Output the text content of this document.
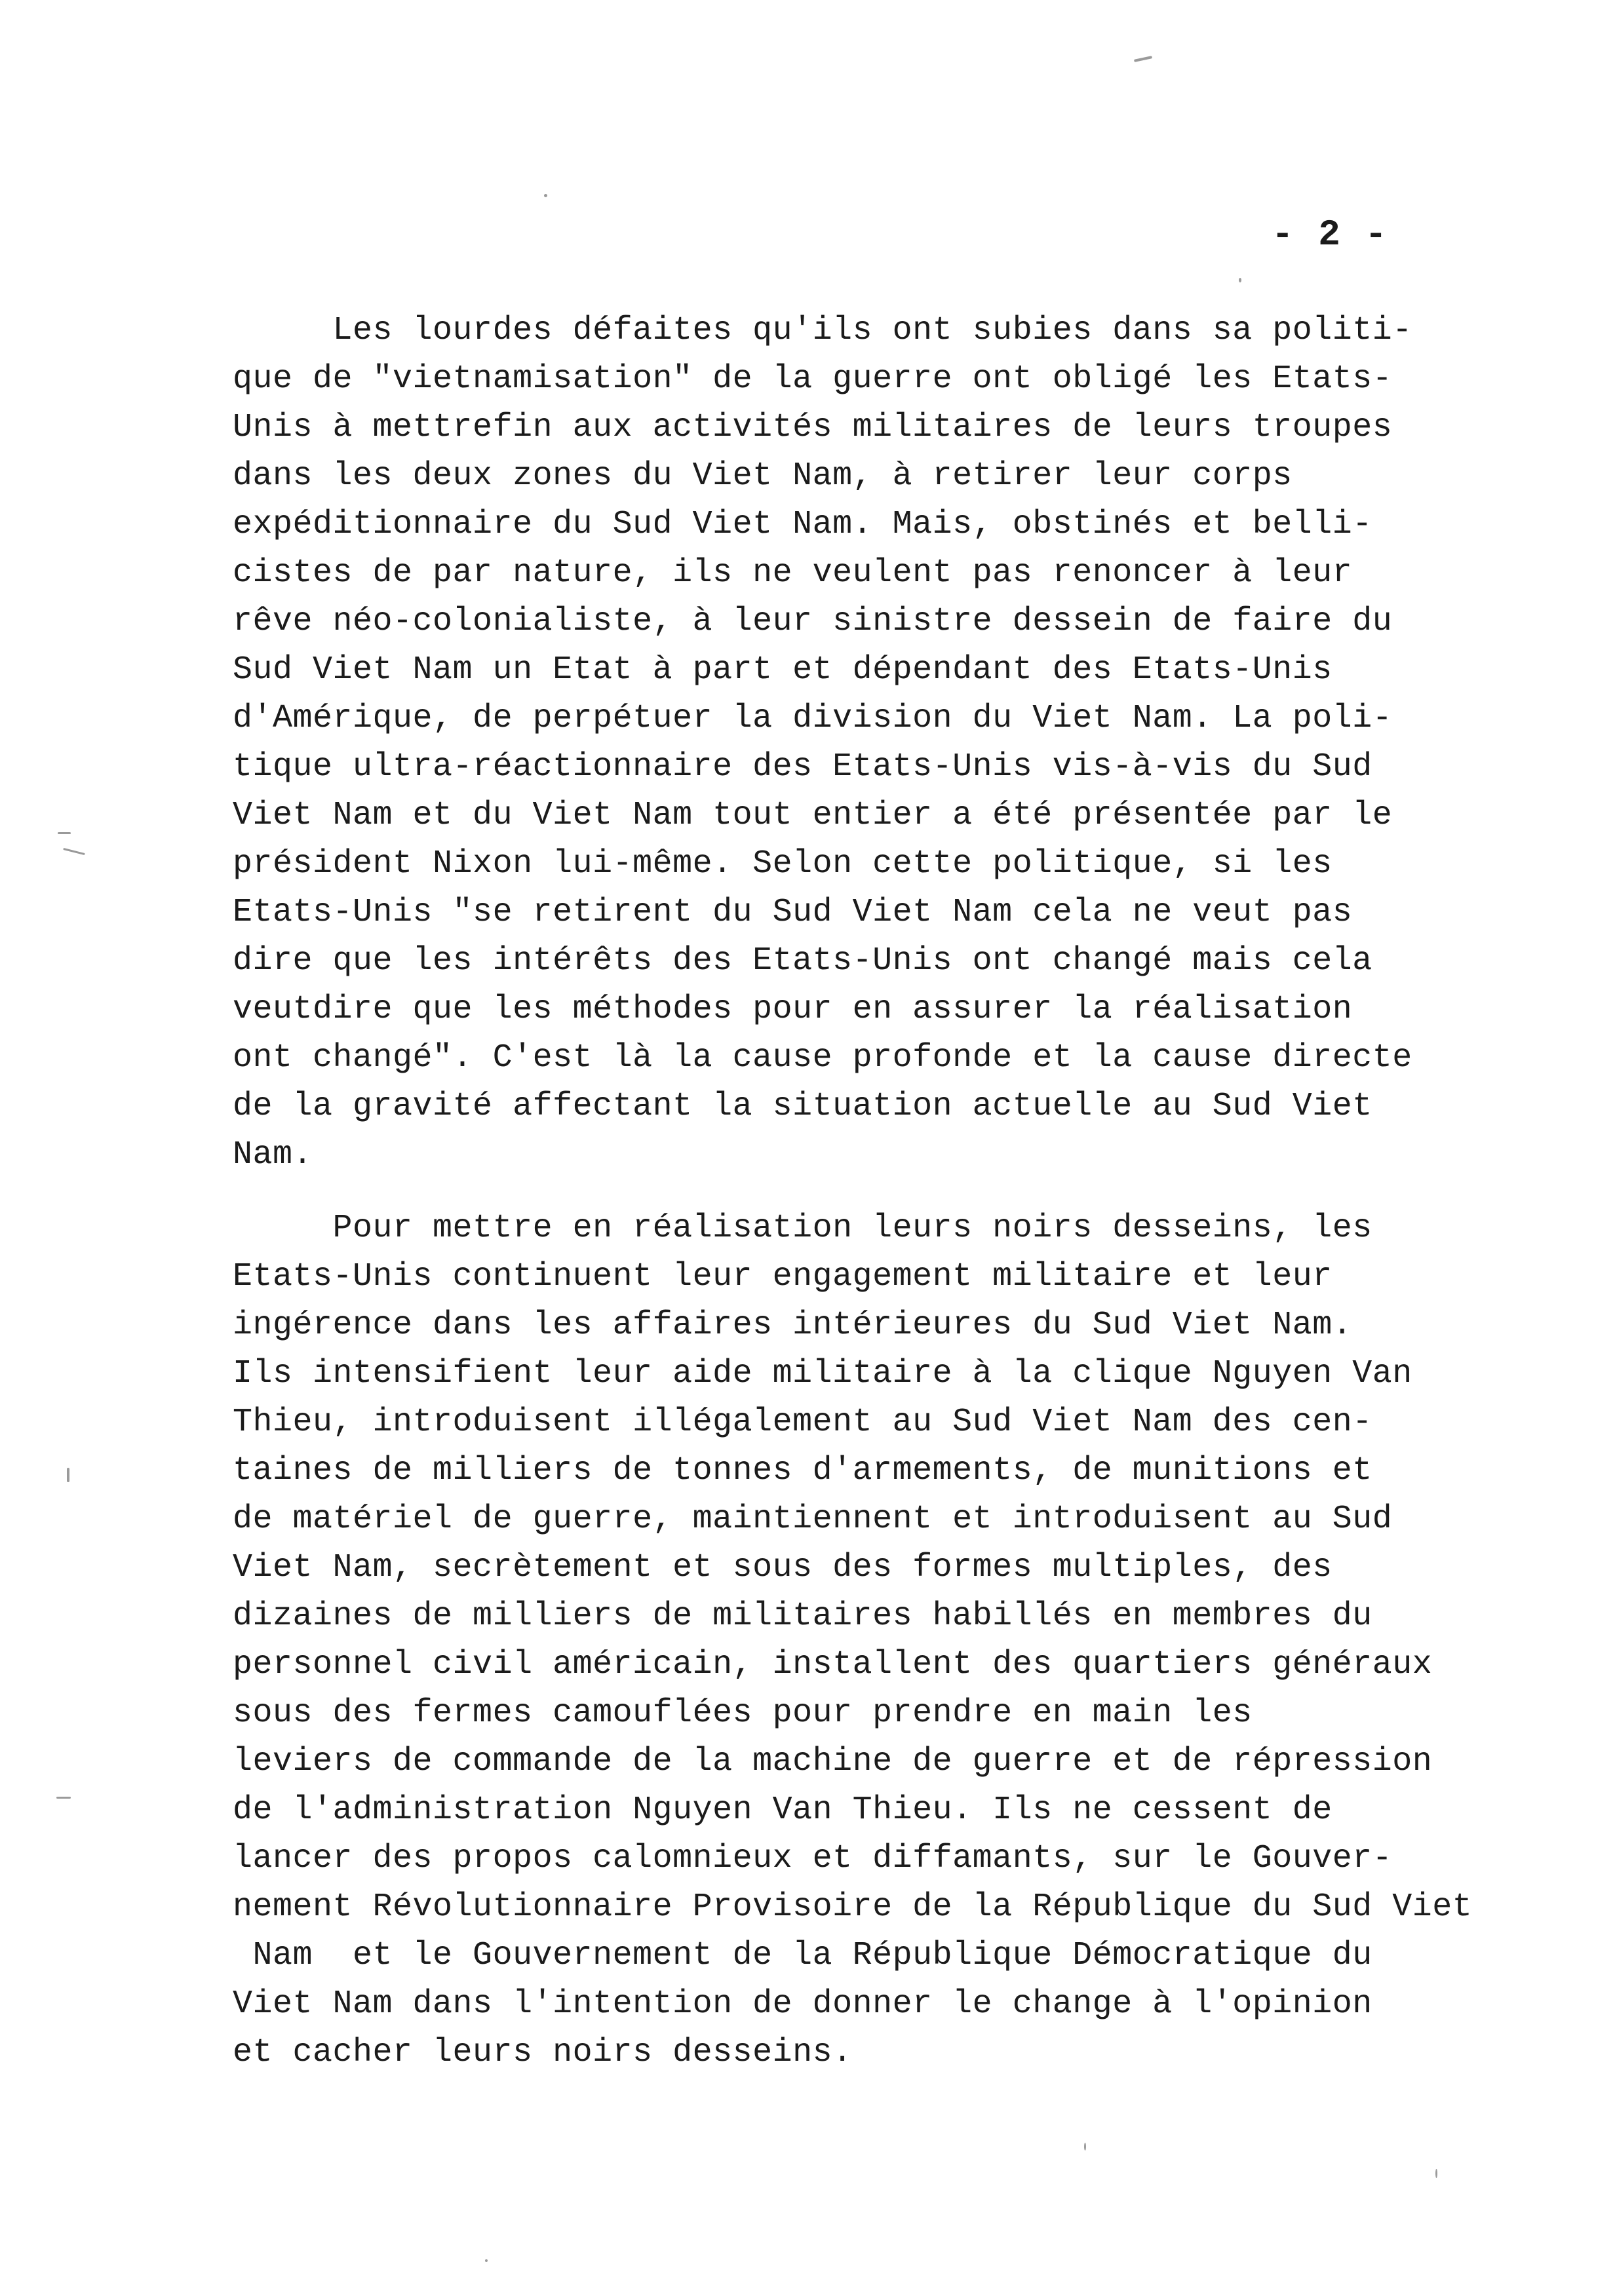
- 2 -
Les lourdes défaites qu'ils ont subies dans sa politi-
que de "vietnamisation" de la guerre ont obligé les Etats-
Unis à mettrefin aux activités militaires de leurs troupes
dans les deux zones du Viet Nam, à retirer leur corps
expéditionnaire du Sud Viet Nam. Mais, obstinés et belli-
cistes de par nature, ils ne veulent pas renoncer à leur
rêve néo-colonialiste, à leur sinistre dessein de faire du
Sud Viet Nam un Etat à part et dépendant des Etats-Unis
d'Amérique, de perpétuer la division du Viet Nam. La poli-
tique ultra-réactionnaire des Etats-Unis vis-à-vis du Sud
Viet Nam et du Viet Nam tout entier a été présentée par le
président Nixon lui-même. Selon cette politique, si les
Etats-Unis "se retirent du Sud Viet Nam cela ne veut pas
dire que les intérêts des Etats-Unis ont changé mais cela
veutdire que les méthodes pour en assurer la réalisation
ont changé". C'est là la cause profonde et la cause directe
de la gravité affectant la situation actuelle au Sud Viet
Nam.
Pour mettre en réalisation leurs noirs desseins, les
Etats-Unis continuent leur engagement militaire et leur
ingérence dans les affaires intérieures du Sud Viet Nam.
Ils intensifient leur aide militaire à la clique Nguyen Van
Thieu, introduisent illégalement au Sud Viet Nam des cen-
taines de milliers de tonnes d'armements, de munitions et
de matériel de guerre, maintiennent et introduisent au Sud
Viet Nam, secrètement et sous des formes multiples, des
dizaines de milliers de militaires habillés en membres du
personnel civil américain, installent des quartiers généraux
sous des fermes camouflées pour prendre en main les
leviers de commande de la machine de guerre et de répression
de l'administration Nguyen Van Thieu. Ils ne cessent de
lancer des propos calomnieux et diffamants, sur le Gouver-
nement Révolutionnaire Provisoire de la République du Sud Viet
Nam  et le Gouvernement de la République Démocratique du
Viet Nam dans l'intention de donner le change à l'opinion
et cacher leurs noirs desseins.
